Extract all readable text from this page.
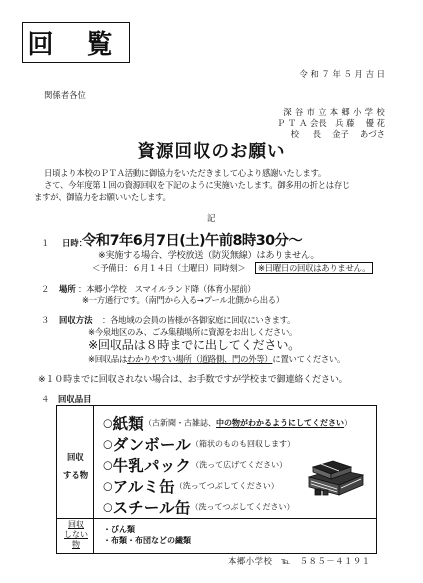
回 覧
令 和 ７ 年 ５ 月 吉 日
関係者各位
深 谷 市 立 本 郷 小 学 校
Ｐ Ｔ Ａ 会長　兵 藤 　優 花
校 　 長 　金子 　あづさ
資源回収のお願い
日頃より本校のＰＴＡ活動に御協力をいただきまして心より感謝いたします。
さて、今年度第１回の資源回収を下記のように実施いたします。御多用の折とは存じ
ますが、御協力をお願いいたします。
記
１ 日時：
令和7年6月7日(土)午前8時30分～
※実施する場合、学校放送（防災無線）はありません。
＜予備日：６月１４日（土曜日）同時刻＞	※日曜日の回収はありません。
２ 場所 ：本郷小学校　スマイルランド降（体育小屋前）
※一方通行です。（南門から入る→プール北側から出る）
３ 回収方法 ：各地域の会員の皆様が各御家庭に回収にいきます。
※今泉地区のみ、ごみ集積場所に資源をお出しください。
※回収品は８時までに出してください。
※回収品はわかりやすい場所（道路側、門の外等）に置いてください。
※１０時までに回収されない場合は、お手数ですが学校まで御連絡ください。
４ 回収品目
回収
する物
○紙類（古新聞・古雑誌、中の物がわかるようにしてください）
○ダンボール（箱状のものも回収します）
○牛乳パック（洗って広げてください）
○アルミ缶（洗ってつぶしてください）
○スチール缶（洗ってつぶしてください）
回収
しない
物
・びん類
・布類・布団などの繊類
本郷小学校　℡　５８５－４１９１
